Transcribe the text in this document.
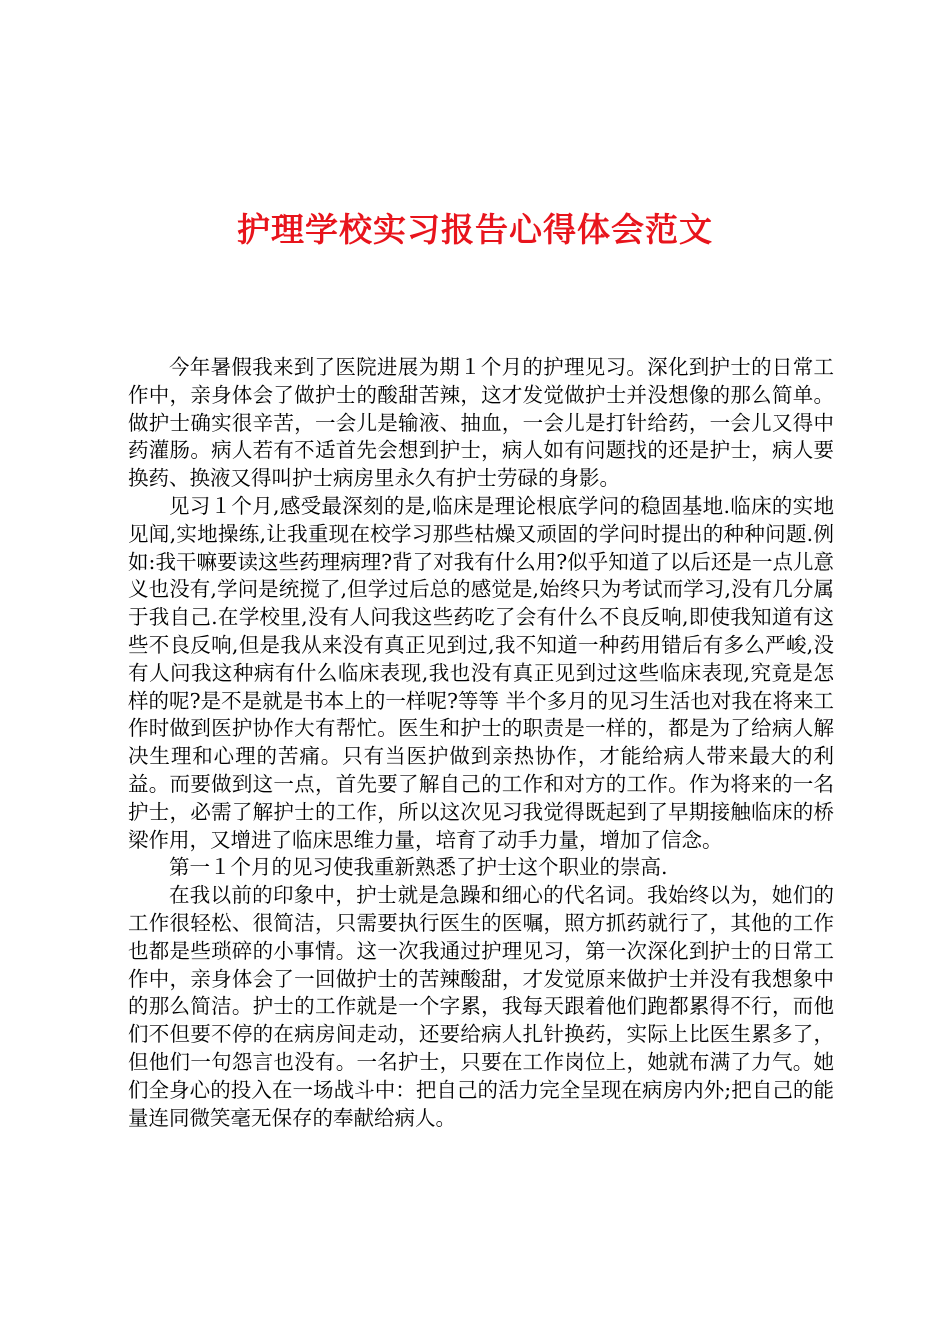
护理学校实习报告心得体会范文

今年暑假我来到了医院进展为期１个月的护理见习。深化到护士的日常工作中，亲身体会了做护士的酸甜苦辣，这才发觉做护士并没想像的那么简单。做护士确实很辛苦，一会儿是输液、抽血，一会儿是打针给药，一会儿又得中药灌肠。病人若有不适首先会想到护士，病人如有问题找的还是护士，病人要换药、换液又得叫护士病房里永久有护士劳碌的身影。

见习１个月,感受最深刻的是,临床是理论根底学问的稳固基地.临床的实地见闻,实地操练,让我重现在校学习那些枯燥又顽固的学问时提出的种种问题.例如:我干嘛要读这些药理病理?背了对我有什么用?似乎知道了以后还是一点儿意义也没有,学问是统搅了,但学过后总的感觉是,始终只为考试而学习,没有几分属于我自己.在学校里,没有人问我这些药吃了会有什么不良反响,即使我知道有这些不良反响,但是我从来没有真正见到过,我不知道一种药用错后有多么严峻,没有人问我这种病有什么临床表现,我也没有真正见到过这些临床表现,究竟是怎样的呢?是不是就是书本上的一样呢?等等 半个多月的见习生活也对我在将来工作时做到医护协作大有帮忙。医生和护士的职责是一样的，都是为了给病人解决生理和心理的苦痛。只有当医护做到亲热协作，才能给病人带来最大的利益。而要做到这一点，首先要了解自己的工作和对方的工作。作为将来的一名护士，必需了解护士的工作，所以这次见习我觉得既起到了早期接触临床的桥梁作用，又增进了临床思维力量，培育了动手力量，增加了信念。

第一１个月的见习使我重新熟悉了护士这个职业的崇高.

在我以前的印象中，护士就是急躁和细心的代名词。我始终以为，她们的工作很轻松、很简洁，只需要执行医生的医嘱，照方抓药就行了，其他的工作也都是些琐碎的小事情。这一次我通过护理见习，第一次深化到护士的日常工作中，亲身体会了一回做护士的苦辣酸甜，才发觉原来做护士并没有我想象中的那么简洁。护士的工作就是一个字累，我每天跟着他们跑都累得不行，而他们不但要不停的在病房间走动，还要给病人扎针换药，实际上比医生累多了，但他们一句怨言也没有。一名护士，只要在工作岗位上，她就布满了力气。她们全身心的投入在一场战斗中：把自己的活力完全呈现在病房内外;把自己的能量连同微笑毫无保存的奉献给病人。
